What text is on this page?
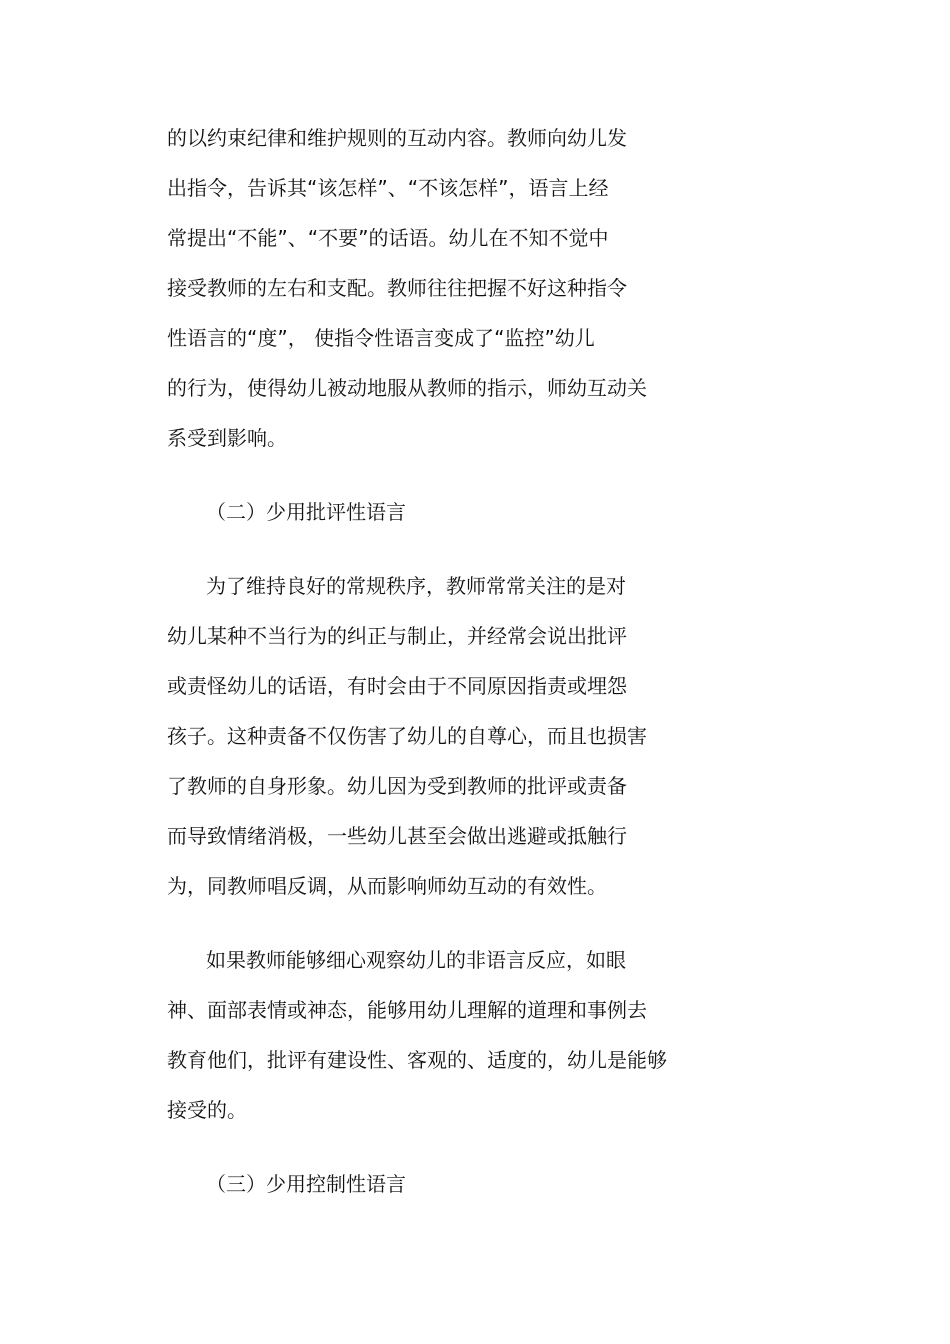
的以约束纪律和维护规则的互动内容。教师向幼儿发
出指令，告诉其“该怎样”、“不该怎样”，语言上经
常提出“不能”、“不要”的话语。幼儿在不知不觉中
接受教师的左右和支配。教师往往把握不好这种指令
性语言的“度”， 使指令性语言变成了“监控”幼儿
的行为，使得幼儿被动地服从教师的指示，师幼互动关
系受到影响。
（二）少用批评性语言
为了维持良好的常规秩序，教师常常关注的是对
幼儿某种不当行为的纠正与制止，并经常会说出批评
或责怪幼儿的话语，有时会由于不同原因指责或埋怨
孩子。这种责备不仅伤害了幼儿的自尊心，而且也损害
了教师的自身形象。幼儿因为受到教师的批评或责备
而导致情绪消极，一些幼儿甚至会做出逃避或抵触行
为，同教师唱反调，从而影响师幼互动的有效性。
如果教师能够细心观察幼儿的非语言反应，如眼
神、面部表情或神态，能够用幼儿理解的道理和事例去
教育他们，批评有建设性、客观的、适度的，幼儿是能够
接受的。
（三）少用控制性语言
